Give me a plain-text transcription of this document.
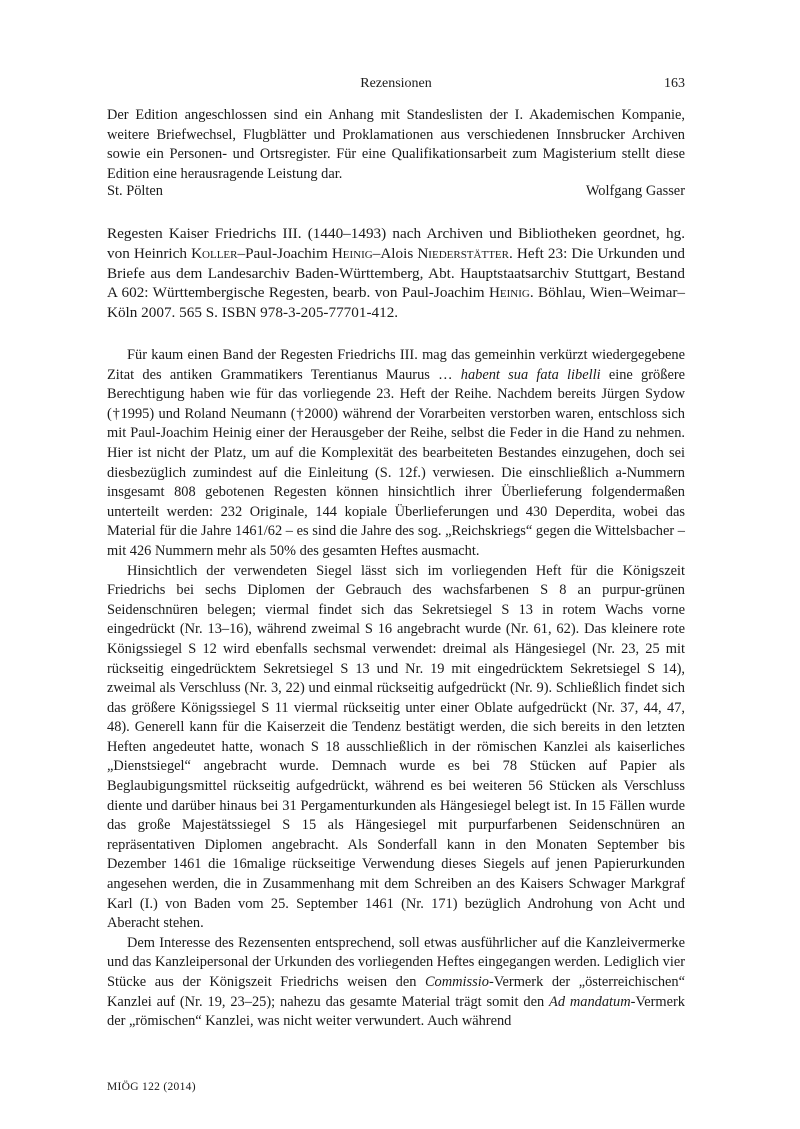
Rezensionen	163

Der Edition angeschlossen sind ein Anhang mit Standeslisten der I. Akademischen Kompanie, weitere Briefwechsel, Flugblätter und Proklamationen aus verschiedenen Innsbrucker Archiven sowie ein Personen- und Ortsregister. Für eine Qualifikationsarbeit zum Magisterium stellt diese Edition eine herausragende Leistung dar.

St. Pölten	Wolfgang Gasser
Regesten Kaiser Friedrichs III. (1440–1493) nach Archiven und Bibliotheken geordnet, hg. von Heinrich Koller–Paul-Joachim Heinig–Alois Niederstätter. Heft 23: Die Urkunden und Briefe aus dem Landesarchiv Baden-Württemberg, Abt. Hauptstaatsarchiv Stuttgart, Bestand A 602: Württembergische Regesten, bearb. von Paul-Joachim Heinig. Böhlau, Wien–Weimar–Köln 2007. 565 S. ISBN 978-3-205-77701-412.

Für kaum einen Band der Regesten Friedrichs III. mag das gemeinhin verkürzt wiedergegebene Zitat des antiken Grammatikers Terentianus Maurus … habent sua fata libelli eine größere Berechtigung haben wie für das vorliegende 23. Heft der Reihe. Nachdem bereits Jürgen Sydow (†1995) und Roland Neumann (†2000) während der Vorarbeiten verstorben waren, entschloss sich mit Paul-Joachim Heinig einer der Herausgeber der Reihe, selbst die Feder in die Hand zu nehmen. Hier ist nicht der Platz, um auf die Komplexität des bearbeiteten Bestandes einzugehen, doch sei diesbezüglich zumindest auf die Einleitung (S. 12f.) verwiesen. Die einschließlich a-Nummern insgesamt 808 gebotenen Regesten können hinsichtlich ihrer Überlieferung folgendermaßen unterteilt werden: 232 Originale, 144 kopiale Überlieferungen und 430 Deperdita, wobei das Material für die Jahre 1461/62 – es sind die Jahre des sog. „Reichskriegs“ gegen die Wittelsbacher – mit 426 Nummern mehr als 50% des gesamten Heftes ausmacht.

Hinsichtlich der verwendeten Siegel lässt sich im vorliegenden Heft für die Königszeit Friedrichs bei sechs Diplomen der Gebrauch des wachsfarbenen S 8 an purpur-grünen Seidenschnüren belegen; viermal findet sich das Sekretsiegel S 13 in rotem Wachs vorne eingedrückt (Nr. 13–16), während zweimal S 16 angebracht wurde (Nr. 61, 62). Das kleinere rote Königssiegel S 12 wird ebenfalls sechsmal verwendet: dreimal als Hängesiegel (Nr. 23, 25 mit rückseitig eingedrücktem Sekretsiegel S 13 und Nr. 19 mit eingedrücktem Sekretsiegel S 14), zweimal als Verschluss (Nr. 3, 22) und einmal rückseitig aufgedrückt (Nr. 9). Schließlich findet sich das größere Königssiegel S 11 viermal rückseitig unter einer Oblate aufgedrückt (Nr. 37, 44, 47, 48). Generell kann für die Kaiserzeit die Tendenz bestätigt werden, die sich bereits in den letzten Heften angedeutet hatte, wonach S 18 ausschließlich in der römischen Kanzlei als kaiserliches „Dienstsiegel“ angebracht wurde. Demnach wurde es bei 78 Stücken auf Papier als Beglaubigungsmittel rückseitig aufgedrückt, während es bei weiteren 56 Stücken als Verschluss diente und darüber hinaus bei 31 Pergamenturkunden als Hängesiegel belegt ist. In 15 Fällen wurde das große Majestätssiegel S 15 als Hängesiegel mit purpurfarbenen Seidenschnüren an repräsentativen Diplomen angebracht. Als Sonderfall kann in den Monaten September bis Dezember 1461 die 16malige rückseitige Verwendung dieses Siegels auf jenen Papierurkunden angesehen werden, die in Zusammenhang mit dem Schreiben an des Kaisers Schwager Markgraf Karl (I.) von Baden vom 25. September 1461 (Nr. 171) bezüglich Androhung von Acht und Aberacht stehen.

Dem Interesse des Rezensenten entsprechend, soll etwas ausführlicher auf die Kanzleivermerke und das Kanzleipersonal der Urkunden des vorliegenden Heftes eingegangen werden. Lediglich vier Stücke aus der Königszeit Friedrichs weisen den Commissio-Vermerk der „österreichischen“ Kanzlei auf (Nr. 19, 23–25); nahezu das gesamte Material trägt somit den Ad mandatum-Vermerk der „römischen“ Kanzlei, was nicht weiter verwundert. Auch während

MIÖG 122 (2014)
